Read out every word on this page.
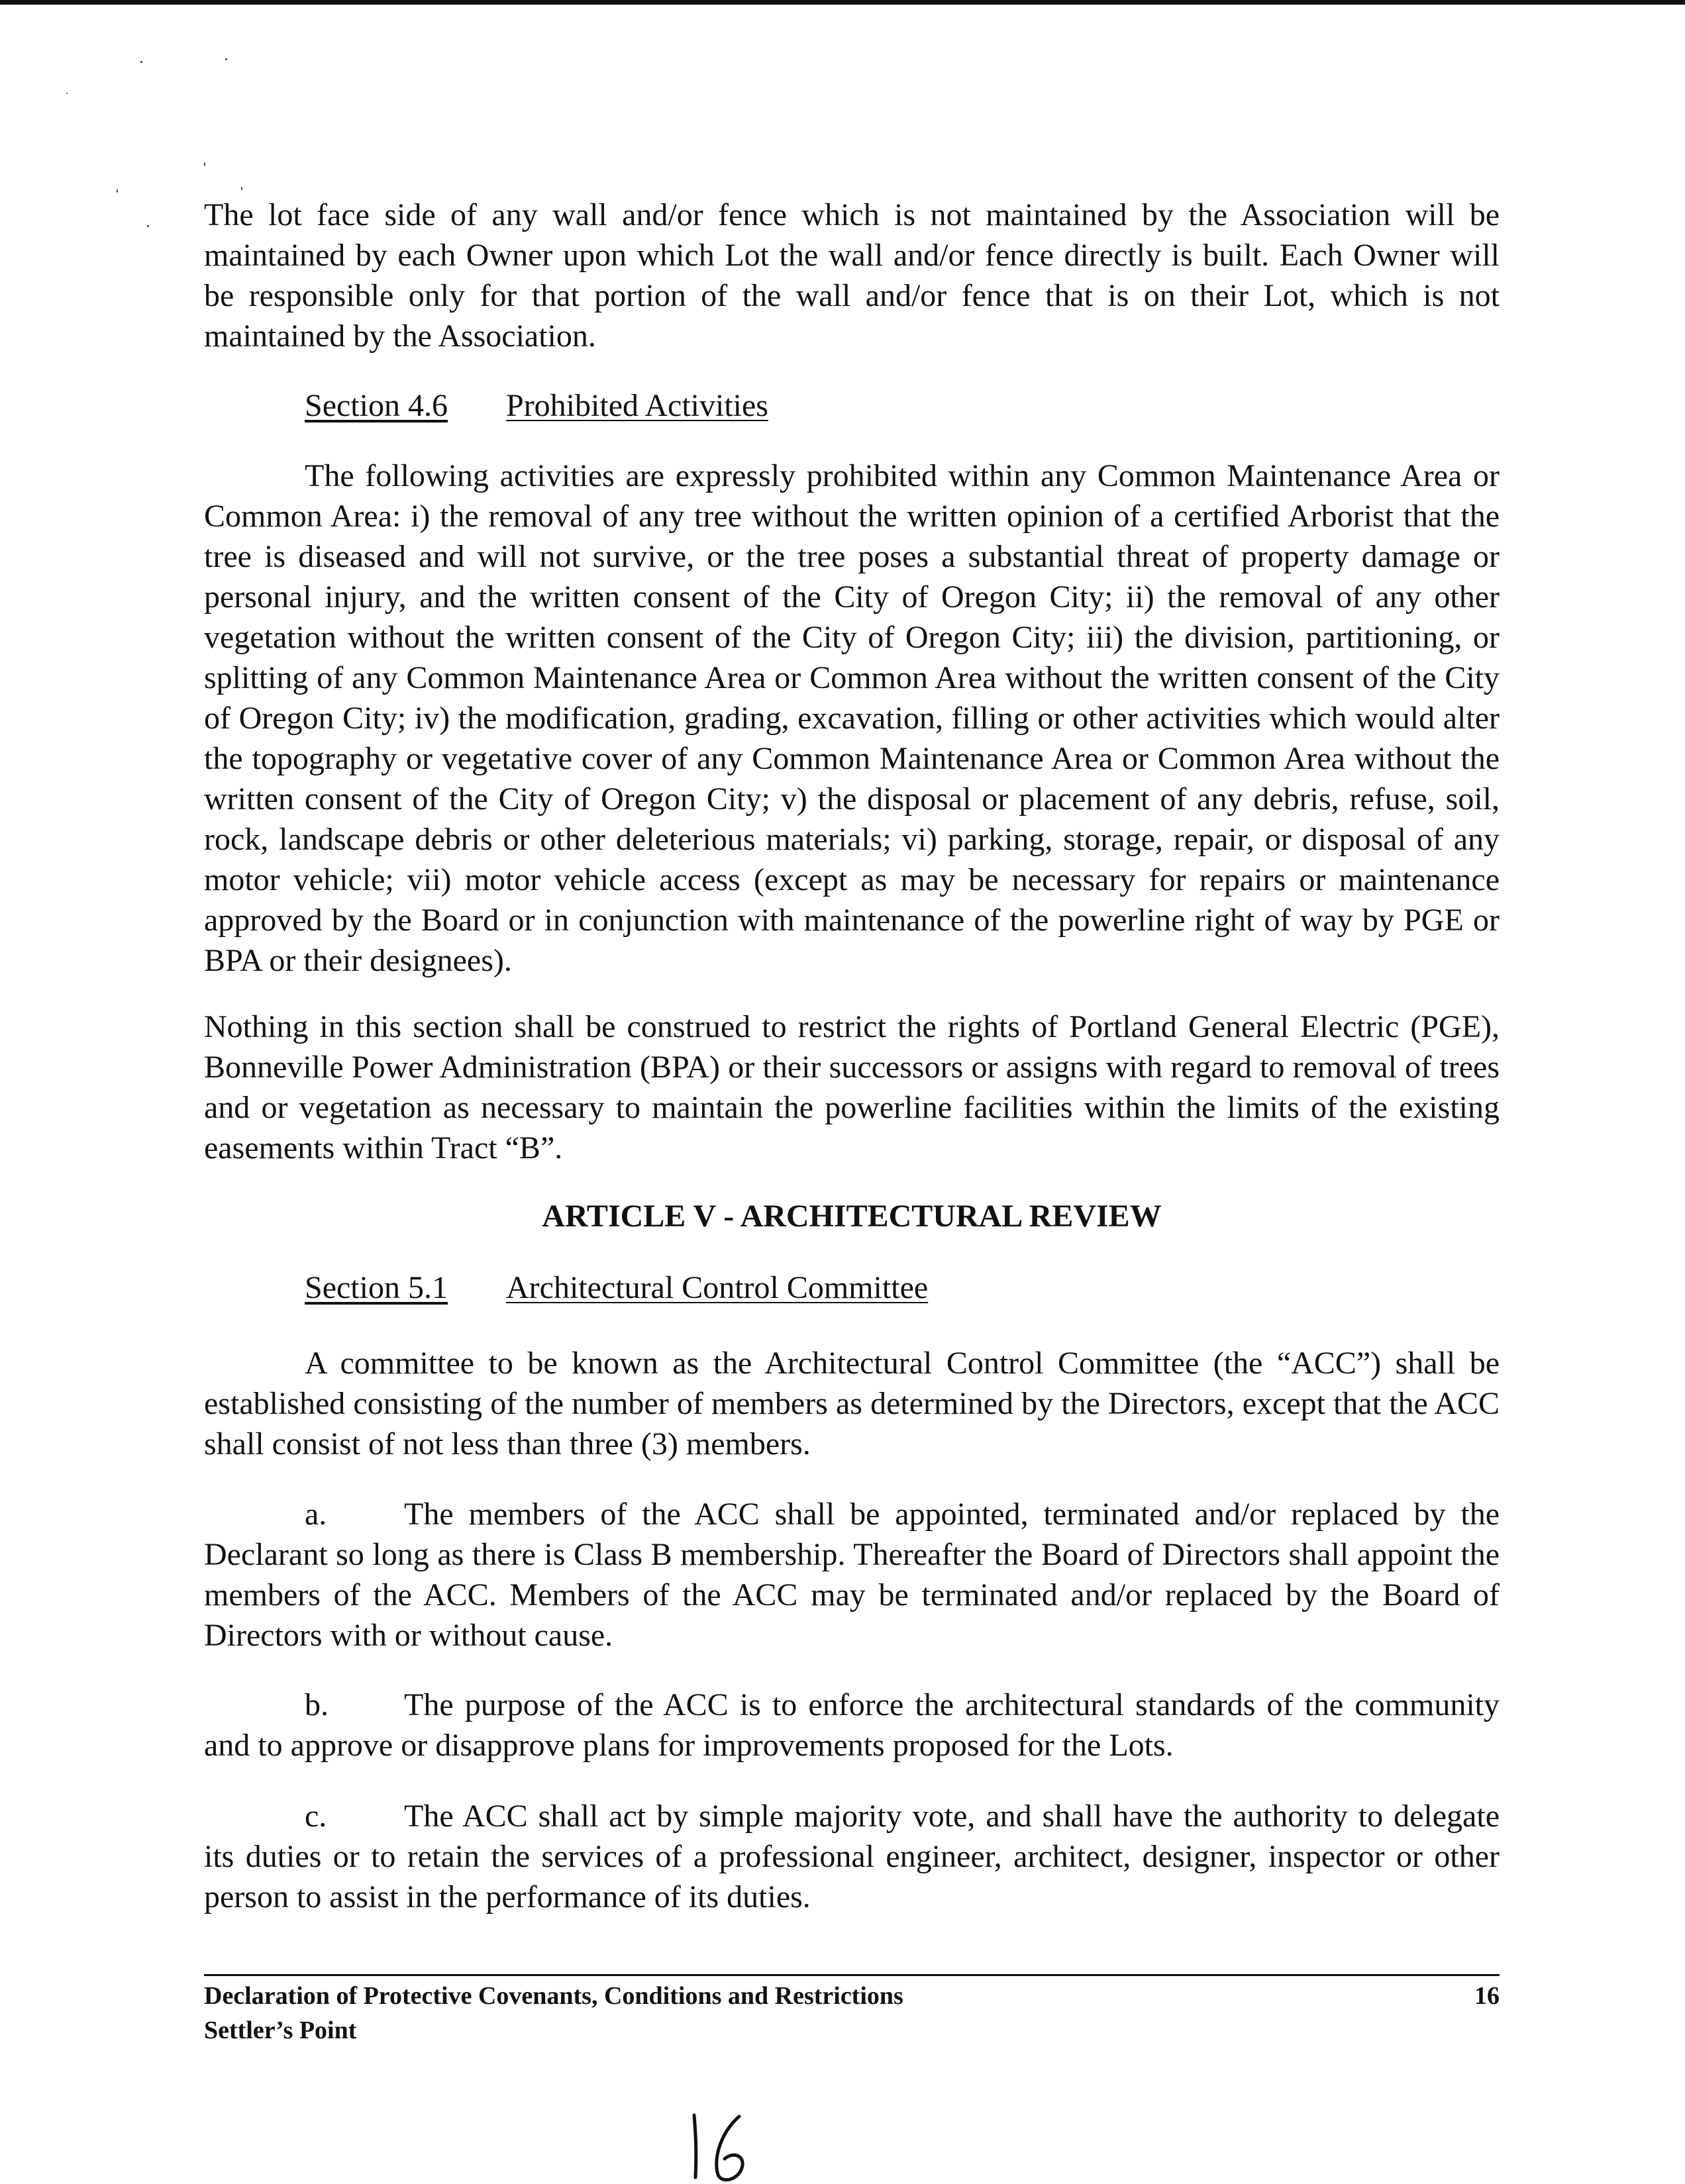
The lot face side of any wall and/or fence which is not maintained by the Association will be maintained by each Owner upon which Lot the wall and/or fence directly is built. Each Owner will be responsible only for that portion of the wall and/or fence that is on their Lot, which is not maintained by the Association.

Section 4.6 Prohibited Activities

The following activities are expressly prohibited within any Common Maintenance Area or Common Area: i) the removal of any tree without the written opinion of a certified Arborist that the tree is diseased and will not survive, or the tree poses a substantial threat of property damage or personal injury, and the written consent of the City of Oregon City; ii) the removal of any other vegetation without the written consent of the City of Oregon City; iii) the division, partitioning, or splitting of any Common Maintenance Area or Common Area without the written consent of the City of Oregon City; iv) the modification, grading, excavation, filling or other activities which would alter the topography or vegetative cover of any Common Maintenance Area or Common Area without the written consent of the City of Oregon City; v) the disposal or placement of any debris, refuse, soil, rock, landscape debris or other deleterious materials; vi) parking, storage, repair, or disposal of any motor vehicle; vii) motor vehicle access (except as may be necessary for repairs or maintenance approved by the Board or in conjunction with maintenance of the powerline right of way by PGE or BPA or their designees).

Nothing in this section shall be construed to restrict the rights of Portland General Electric (PGE), Bonneville Power Administration (BPA) or their successors or assigns with regard to removal of trees and or vegetation as necessary to maintain the powerline facilities within the limits of the existing easements within Tract “B”.

ARTICLE V - ARCHITECTURAL REVIEW

Section 5.1 Architectural Control Committee

A committee to be known as the Architectural Control Committee (the “ACC”) shall be established consisting of the number of members as determined by the Directors, except that the ACC shall consist of not less than three (3) members.

a. The members of the ACC shall be appointed, terminated and/or replaced by the Declarant so long as there is Class B membership. Thereafter the Board of Directors shall appoint the members of the ACC. Members of the ACC may be terminated and/or replaced by the Board of Directors with or without cause.

b. The purpose of the ACC is to enforce the architectural standards of the community and to approve or disapprove plans for improvements proposed for the Lots.

c. The ACC shall act by simple majority vote, and shall have the authority to delegate its duties or to retain the services of a professional engineer, architect, designer, inspector or other person to assist in the performance of its duties.

Declaration of Protective Covenants, Conditions and Restrictions

Settler’s Point

16
